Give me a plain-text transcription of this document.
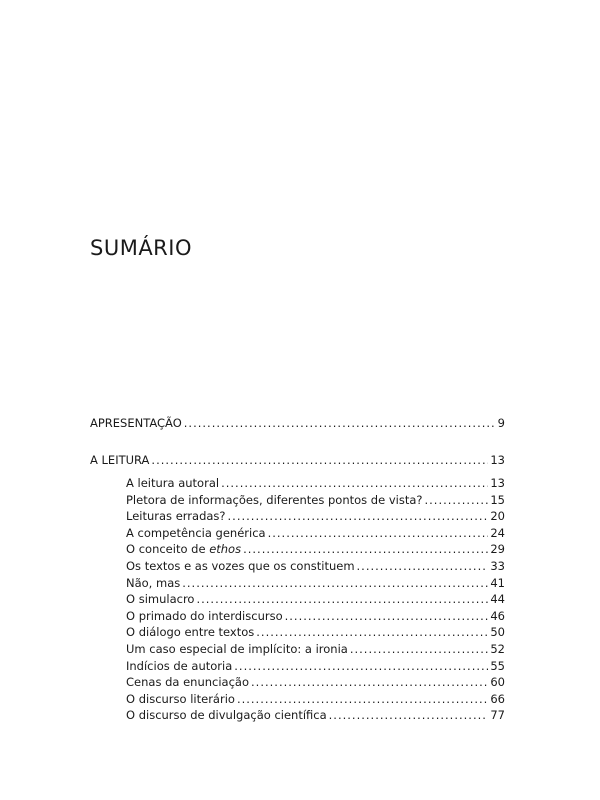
SUMÁRIO
APRESENTAÇÃO .....	9
A LEITURA .....	13
A leitura autoral .....	13
Pletora de informações, diferentes pontos de vista? .....	15
Leituras erradas? .....	20
A competência genérica .....	24
O conceito de ethos .....	29
Os textos e as vozes que os constituem .....	33
Não, mas .....	41
O simulacro .....	44
O primado do interdiscurso .....	46
O diálogo entre textos .....	50
Um caso especial de implícito: a ironia .....	52
Indícios de autoria .....	55
Cenas da enunciação .....	60
O discurso literário .....	66
O discurso de divulgação científica .....	77
